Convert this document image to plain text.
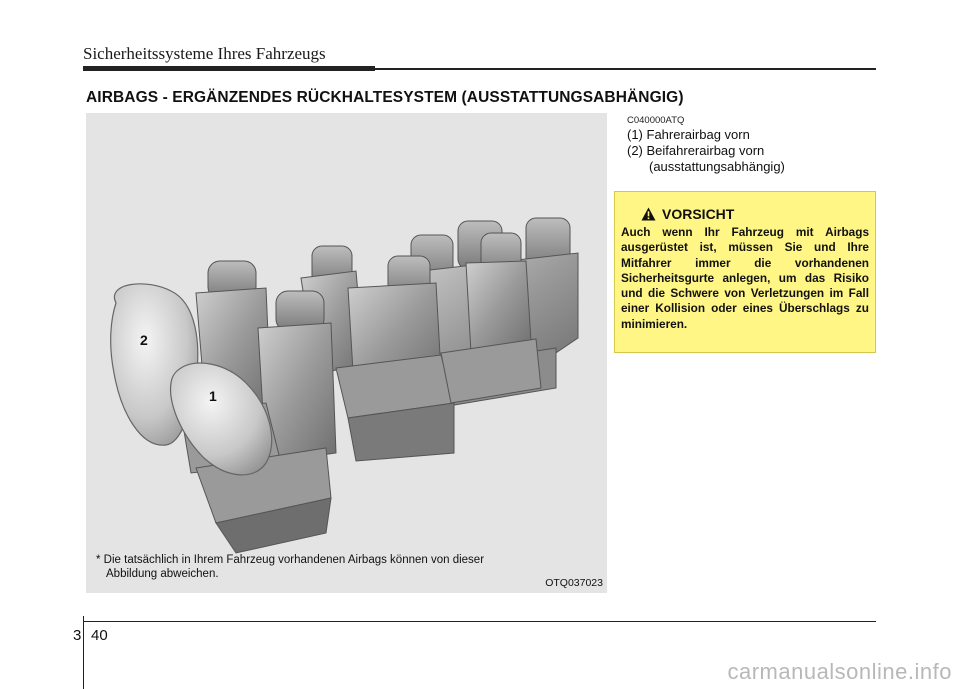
Sicherheitssysteme Ihres Fahrzeugs
AIRBAGS - ERGÄNZENDES RÜCKHALTESYSTEM (AUSSTATTUNGSABHÄNGIG)
2
1
* Die tatsächlich in Ihrem Fahrzeug vorhandenen Airbags können von dieser
Abbildung abweichen.
OTQ037023
C040000ATQ
(1) Fahrerairbag vorn
(2) Beifahrerairbag vorn
(ausstattungsabhängig)
VORSICHT
Auch wenn Ihr Fahrzeug mit Airbags ausgerüstet ist, müssen Sie und Ihre Mitfahrer immer die vorhandenen Sicherheitsgurte anlegen, um das Risiko und die Schwere von Verletzungen im Fall einer Kollision oder eines Überschlags zu minimieren.
3 40
carmanualsonline.info
